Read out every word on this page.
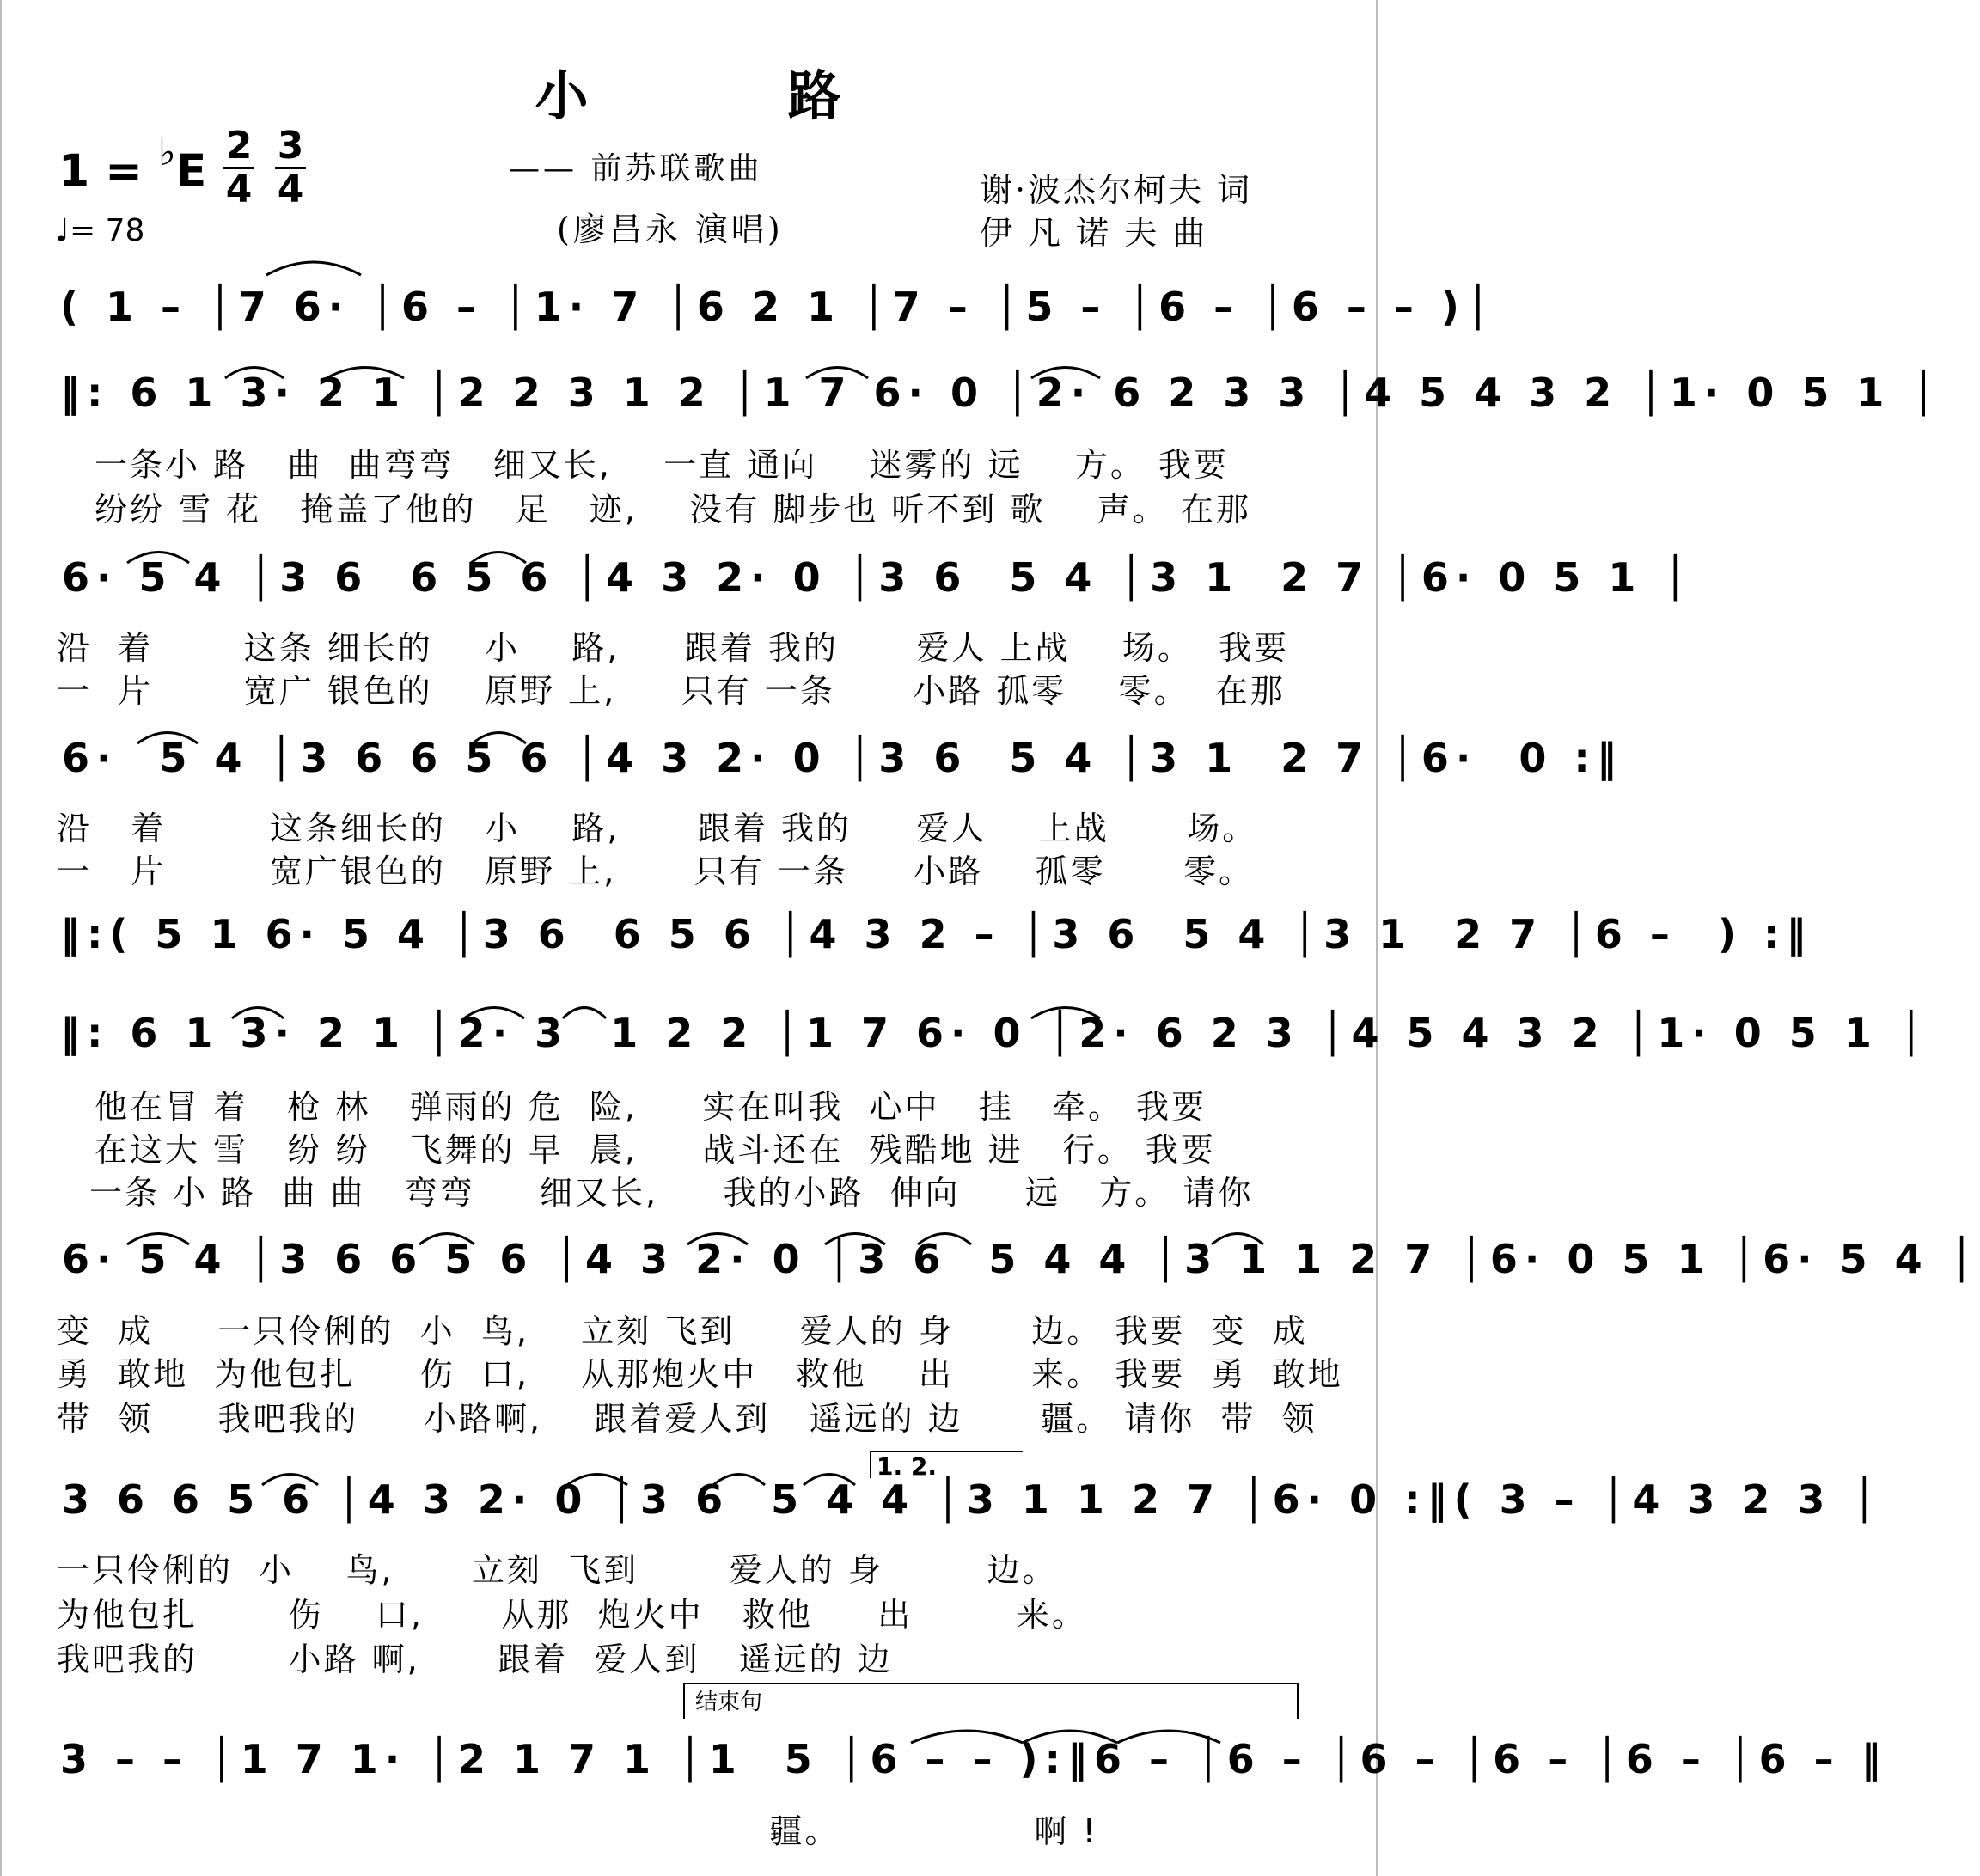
小	路
1 = ♭E 2
4
3
4
♩= 78
—— 前苏联歌曲
(廖昌永 演唱)
谢·波杰尔柯夫 词
伊 凡 诺 夫 曲
( 1 – │7 6· │6 – │1· 7 │6 2 1 │7 – │5 – │6 – │6 – – )│
‖: 6 1 3· 2 1 │2 2 3 1 2 │1 7 6· 0 │2· 6 2 3 3 │4 5 4 3 2 │1· 0 5 1 │
一条小 路   曲  曲弯弯   细又长,    一直 通向    迷雾的 远    方。 我要
纷纷 雪 花   掩盖了他的   足   迹,    没有 脚步也 听不到 歌    声。 在那
6· 5 4 │3 6  6 5 6 │4 3 2· 0 │3 6  5 4 │3 1  2 7 │6· 0 5 1 │
沿  着       这条 细长的    小    路,     跟着 我的      爱人 上战    场。  我要
一  片       宽广 银色的    原野 上,     只有 一条      小路 孤零    零。  在那
6·  5 4 │3 6 6 5 6 │4 3 2· 0 │3 6  5 4 │3 1  2 7 │6·  0 :‖
沿   着        这条细长的   小    路,      跟着 我的     爱人    上战      场。
一   片        宽广银色的   原野 上,      只有 一条     小路    孤零      零。
‖:( 5 1 6· 5 4 │3 6  6 5 6 │4 3 2 – │3 6  5 4 │3 1  2 7 │6 –  ) :‖
‖: 6 1 3· 2 1 │2· 3  1 2 2 │1 7 6· 0 │2· 6 2 3 │4 5 4 3 2 │1· 0 5 1 │
他在冒 着   枪 林   弹雨的 危  险,     实在叫我  心中   挂   牵。 我要
在这大 雪   纷 纷   飞舞的 早  晨,     战斗还在  残酷地 进   行。 我要
一条 小 路  曲 曲   弯弯     细又长,     我的小路  伸向     远   方。 请你
6· 5 4 │3 6 6 5 6 │4 3 2· 0 │3 6  5 4 4 │3 1 1 2 7 │6· 0 5 1 │6· 5 4 │
变  成     一只伶俐的  小  鸟,    立刻 飞到     爱人的 身      边。 我要  变  成
勇  敢地  为他包扎     伤  口,    从那炮火中   救他    出      来。 我要  勇  敢地
带  领     我吧我的     小路啊,    跟着爱人到   遥远的 边      疆。 请你  带  领
1. 2.
3 6 6 5 6 │4 3 2· 0 │3 6  5 4 4 │3 1 1 2 7 │6· 0 :‖( 3 – │4 3 2 3 │
一只伶俐的  小    鸟,      立刻  飞到       爱人的 身        边。
为他包扎       伤    口,      从那  炮火中   救他     出        来。
我吧我的       小路 啊,      跟着  爱人到   遥远的 边
结束句
3 – – │1 7 1· │2 1 7 1 │1  5 │6 – – ):‖6 – │6 – │6 – │6 – │6 – │6 – ‖
疆。               啊 !
